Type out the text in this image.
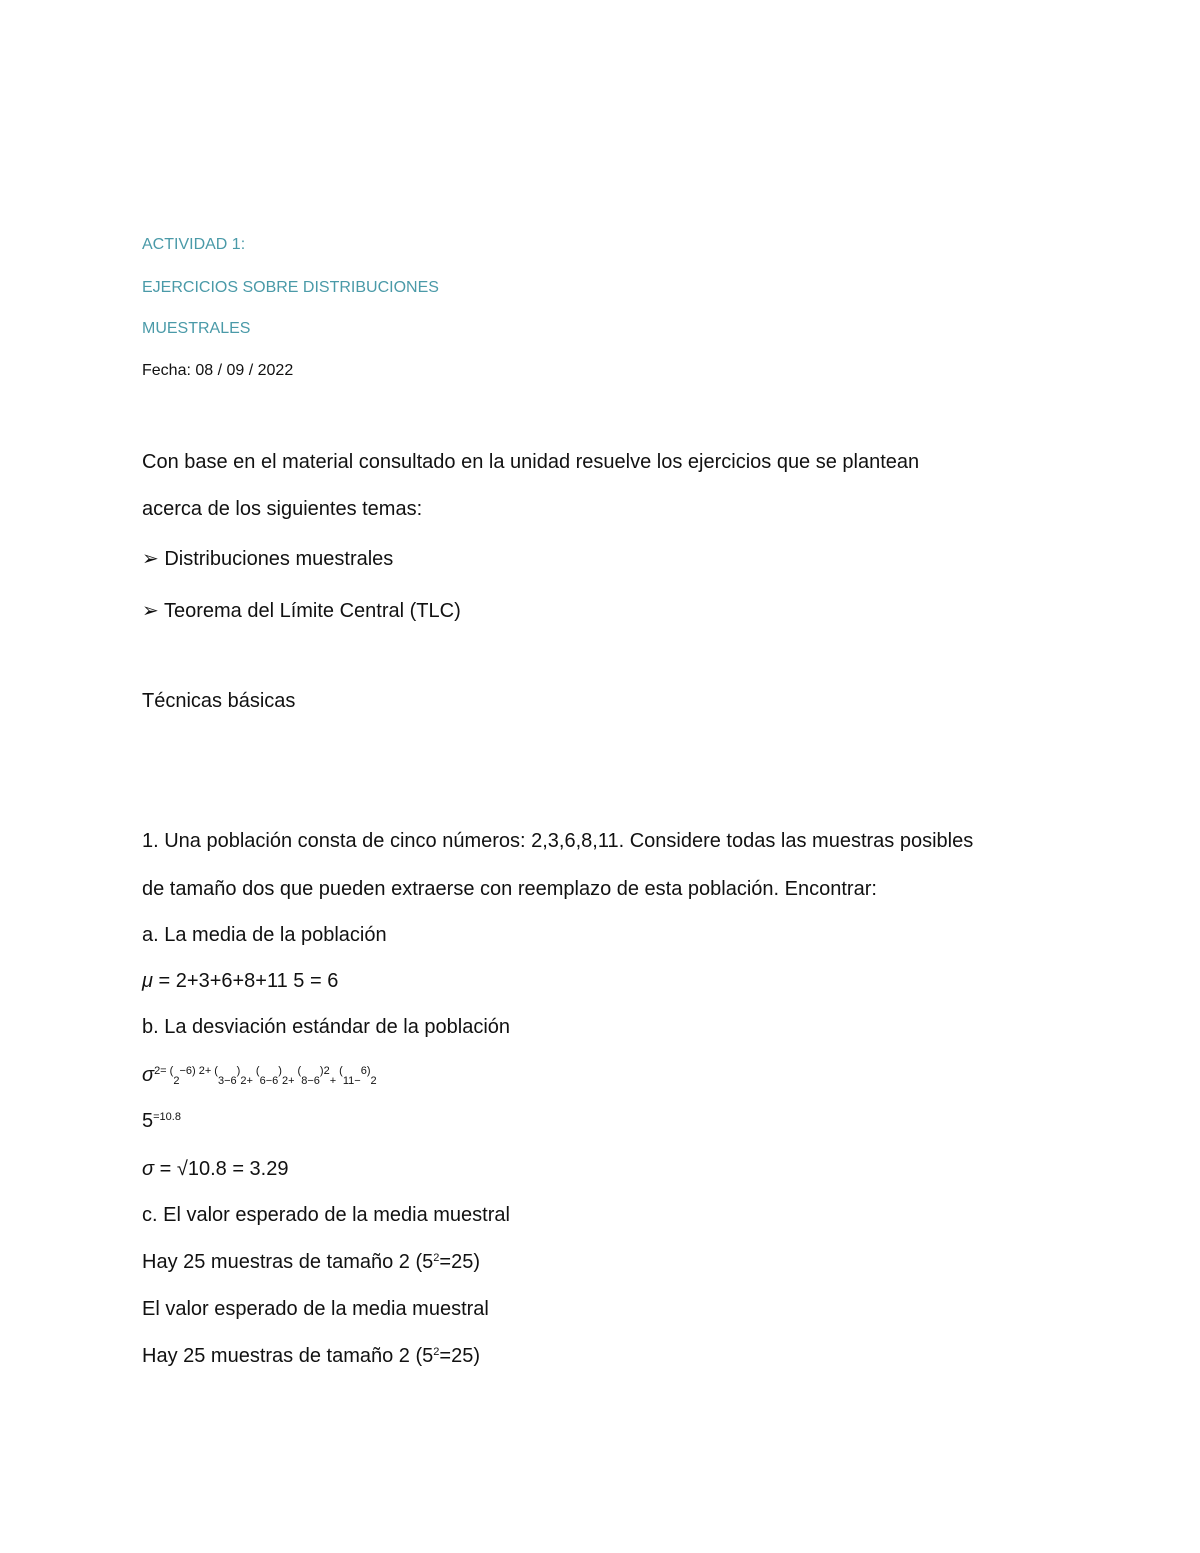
ACTIVIDAD 1:
EJERCICIOS SOBRE DISTRIBUCIONES
MUESTRALES
Fecha: 08 / 09 / 2022
Con base en el material consultado en la unidad resuelve los ejercicios que se plantean
acerca de los siguientes temas:
➢ Distribuciones muestrales
➢ Teorema del Límite Central (TLC)
Técnicas básicas
1. Una población consta de cinco números: 2,3,6,8,11. Considere todas las muestras posibles
de tamaño dos que pueden extraerse con reemplazo de esta población. Encontrar:
a. La media de la población
μ = 2+3+6+8+11 5 = 6
b. La desviación estándar de la población
$\sigma^{2= (}_2^{-6) 2+ (}_{3-6}^)_{2+}$ ($_{6-6}$)$_{2+}$ ($_{8-6}^{)2}_+$ ($_{11-}^{6)}_2$
$5^{=10.8}$
σ = √10.8 = 3.29
c. El valor esperado de la media muestral
Hay 25 muestras de tamaño 2 $(5^2=25)$
El valor esperado de la media muestral
Hay 25 muestras de tamaño 2 $(5^2=25)$
